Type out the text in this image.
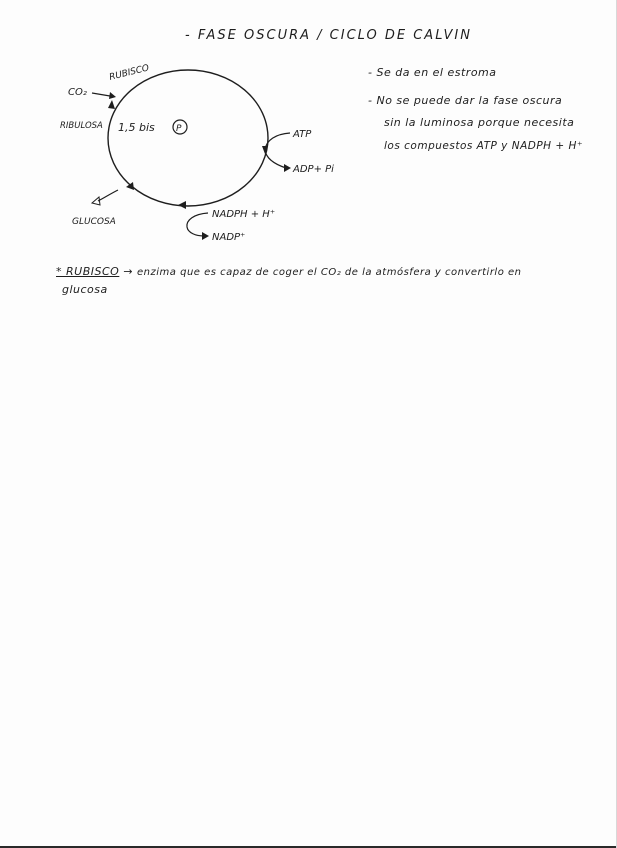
- FASE OSCURA / CICLO DE CALVIN
CO₂
RUBISCO
RIBULOSA 1,5 bis P	ATP
ADP+ Pi
NADPH + H⁺
NADP⁺
GLUCOSA
- Se da en el estroma
- No se puede dar la fase oscura
sin la luminosa porque necesita
los compuestos ATP y NADPH + H⁺
* RUBISCO → enzima que es capaz de coger el CO₂ de la atmósfera y convertirlo en
glucosa
